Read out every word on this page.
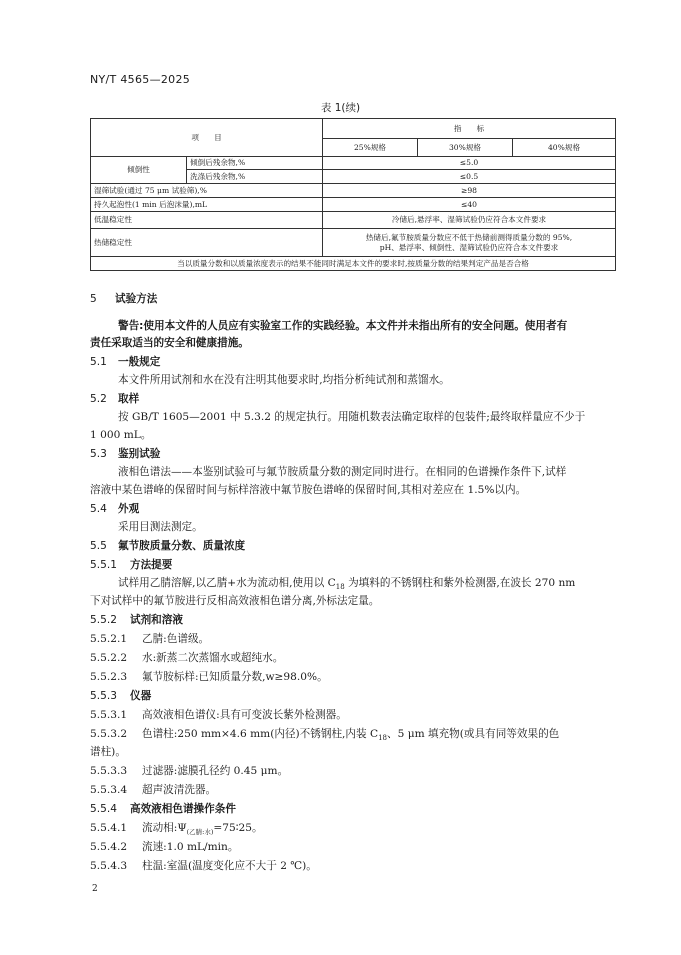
NY/T 4565—2025
表 1(续)
项　　目		指　　标		
		25%规格	30%规格	40%规格
倾倒性	倾倒后残余物,%	≤5.0		
	洗涤后残余物,%	≤0.5		
湿筛试验(通过 75 μm 试验筛),%		≥98		
持久起泡性(1 min 后泡沫量),mL		≤40		
低温稳定性		冷储后,悬浮率、湿筛试验仍应符合本文件要求		
热储稳定性		热储后,氟节胺质量分数应不低于热储前测得质量分数的 95%,
pH、悬浮率、倾倒性、湿筛试验仍应符合本文件要求		
当以质量分数和以质量浓度表示的结果不能同时满足本文件的要求时,按质量分数的结果判定产品是否合格				
5 试验方法
警告:使用本文件的人员应有实验室工作的实践经验。本文件并未指出所有的安全问题。使用者有
责任采取适当的安全和健康措施。
5.1 一般规定
本文件所用试剂和水在没有注明其他要求时,均指分析纯试剂和蒸馏水。
5.2 取样
按 GB/T 1605—2001 中 5.3.2 的规定执行。用随机数表法确定取样的包装件;最终取样量应不少于
1 000 mL。
5.3 鉴别试验
液相色谱法——本鉴别试验可与氟节胺质量分数的测定同时进行。在相同的色谱操作条件下,试样
溶液中某色谱峰的保留时间与标样溶液中氟节胺色谱峰的保留时间,其相对差应在 1.5%以内。
5.4 外观
采用目测法测定。
5.5 氟节胺质量分数、质量浓度
5.5.1 方法提要
试样用乙腈溶解,以乙腈+水为流动相,使用以 $C_{18}$ 为填料的不锈钢柱和紫外检测器,在波长 270 nm
下对试样中的氟节胺进行反相高效液相色谱分离,外标法定量。
5.5.2 试剂和溶液
5.5.2.1 乙腈:色谱级。
5.5.2.2 水:新蒸二次蒸馏水或超纯水。
5.5.2.3 氟节胺标样:已知质量分数,w≥98.0%。
5.5.3 仪器
5.5.3.1 高效液相色谱仪:具有可变波长紫外检测器。
5.5.3.2 色谱柱:250 mm×4.6 mm(内径)不锈钢柱,内装 $C_{18}$、5 μm 填充物(或具有同等效果的色
谱柱)。
5.5.3.3 过滤器:滤膜孔径约 0.45 μm。
5.5.3.4 超声波清洗器。
5.5.4 高效液相色谱操作条件
5.5.4.1 流动相$:\Psi_{(乙腈:水)}=75∶25$。
5.5.4.2 流速:1.0 mL/min。
5.5.4.3 柱温:室温(温度变化应不大于 2 ℃)。
2
